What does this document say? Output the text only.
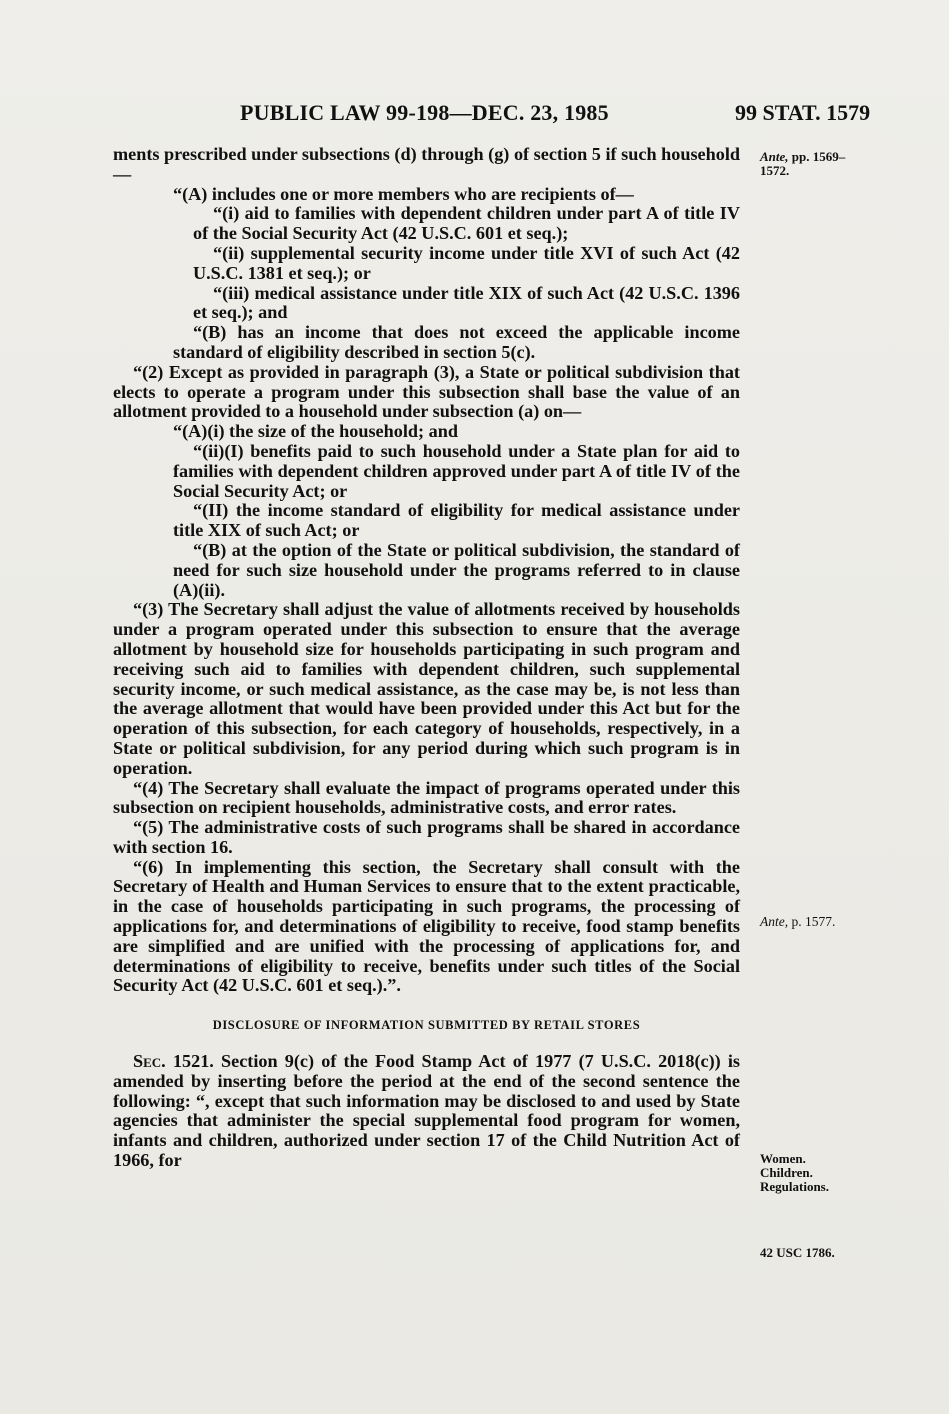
PUBLIC LAW 99-198—DEC. 23, 1985	99 STAT. 1579

ments prescribed under subsections (d) through (g) of section 5 if such household—

“(A) includes one or more members who are recipients of—

“(i) aid to families with dependent children under part A of title IV of the Social Security Act (42 U.S.C. 601 et seq.);

“(ii) supplemental security income under title XVI of such Act (42 U.S.C. 1381 et seq.); or

“(iii) medical assistance under title XIX of such Act (42 U.S.C. 1396 et seq.); and

“(B) has an income that does not exceed the applicable income standard of eligibility described in section 5(c).

“(2) Except as provided in paragraph (3), a State or political subdivision that elects to operate a program under this subsection shall base the value of an allotment provided to a household under subsection (a) on—

“(A)(i) the size of the household; and

“(ii)(I) benefits paid to such household under a State plan for aid to families with dependent children approved under part A of title IV of the Social Security Act; or

“(II) the income standard of eligibility for medical assistance under title XIX of such Act; or

“(B) at the option of the State or political subdivision, the standard of need for such size household under the programs referred to in clause (A)(ii).

“(3) The Secretary shall adjust the value of allotments received by households under a program operated under this subsection to ensure that the average allotment by household size for households participating in such program and receiving such aid to families with dependent children, such supplemental security income, or such medical assistance, as the case may be, is not less than the average allotment that would have been provided under this Act but for the operation of this subsection, for each category of households, respectively, in a State or political subdivision, for any period during which such program is in operation.

“(4) The Secretary shall evaluate the impact of programs operated under this subsection on recipient households, administrative costs, and error rates.

“(5) The administrative costs of such programs shall be shared in accordance with section 16.

“(6) In implementing this section, the Secretary shall consult with the Secretary of Health and Human Services to ensure that to the extent practicable, in the case of households participating in such programs, the processing of applications for, and determinations of eligibility to receive, food stamp benefits are simplified and are unified with the processing of applications for, and determinations of eligibility to receive, benefits under such titles of the Social Security Act (42 U.S.C. 601 et seq.).”.

DISCLOSURE OF INFORMATION SUBMITTED BY RETAIL STORES

Sec. 1521. Section 9(c) of the Food Stamp Act of 1977 (7 U.S.C. 2018(c)) is amended by inserting before the period at the end of the second sentence the following: “, except that such information may be disclosed to and used by State agencies that administer the special supplemental food program for women, infants and children, authorized under section 17 of the Child Nutrition Act of 1966, for

Ante, pp. 1569–
1572.
Ante, p. 1577.
Women.
Children.
Regulations.
42 USC 1786.
